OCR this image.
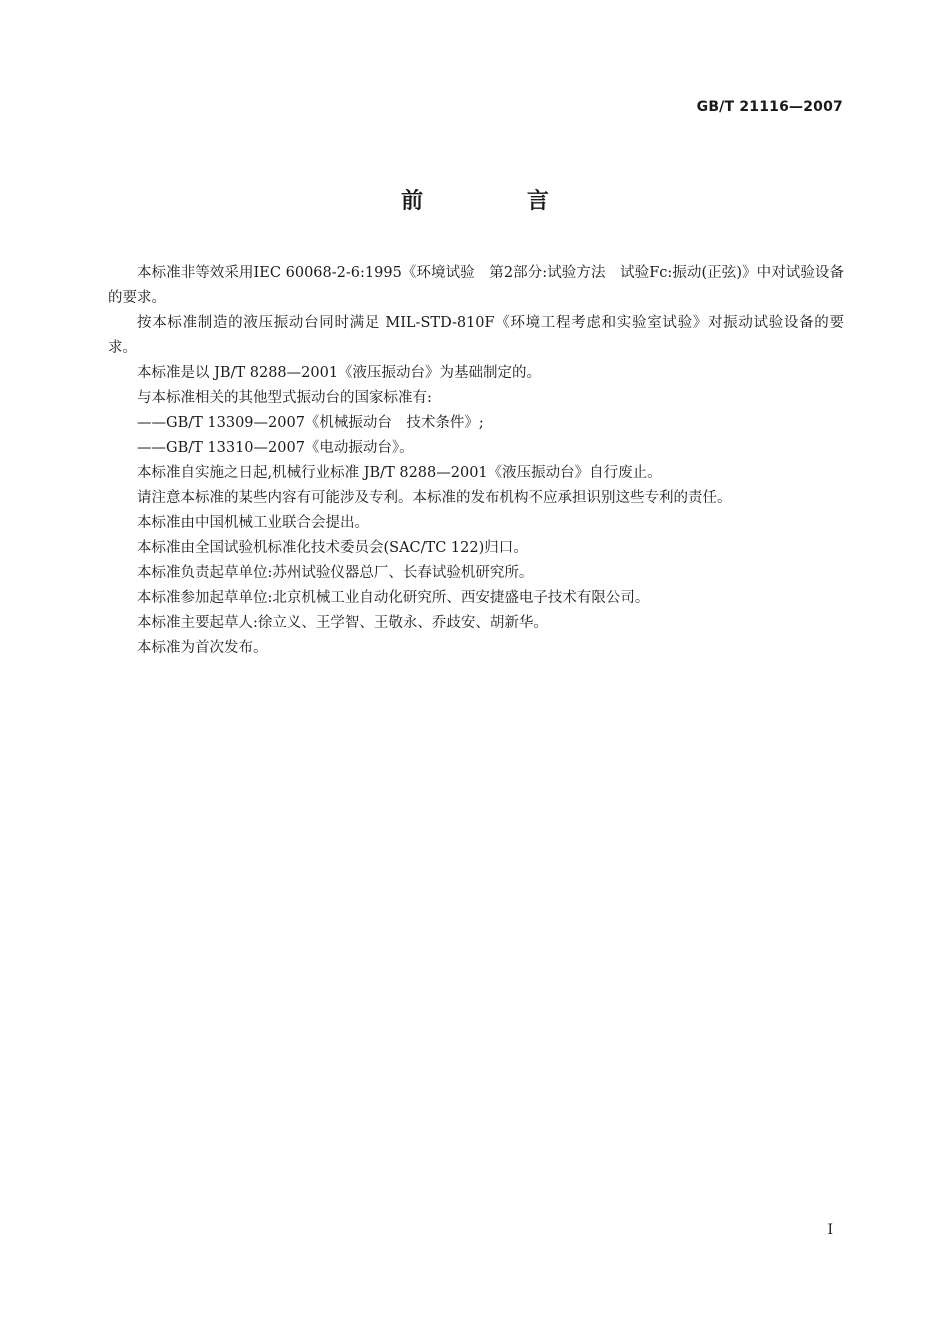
GB/T 21116—2007
前 言

本标准非等效采用IEC 60068-2-6:1995《环境试验　第2部分:试验方法　试验Fc:振动(正弦)》中对试验设备的要求。

按本标准制造的液压振动台同时满足 MIL-STD-810F《环境工程考虑和实验室试验》对振动试验设备的要求。

本标准是以 JB/T 8288—2001《液压振动台》为基础制定的。

与本标准相关的其他型式振动台的国家标准有:

——GB/T 13309—2007《机械振动台　技术条件》;

——GB/T 13310—2007《电动振动台》。

本标准自实施之日起,机械行业标准 JB/T 8288—2001《液压振动台》自行废止。

请注意本标准的某些内容有可能涉及专利。本标准的发布机构不应承担识别这些专利的责任。

本标准由中国机械工业联合会提出。

本标准由全国试验机标准化技术委员会(SAC/TC 122)归口。

本标准负责起草单位:苏州试验仪器总厂、长春试验机研究所。

本标准参加起草单位:北京机械工业自动化研究所、西安捷盛电子技术有限公司。

本标准主要起草人:徐立义、王学智、王敬永、乔歧安、胡新华。

本标准为首次发布。

I
